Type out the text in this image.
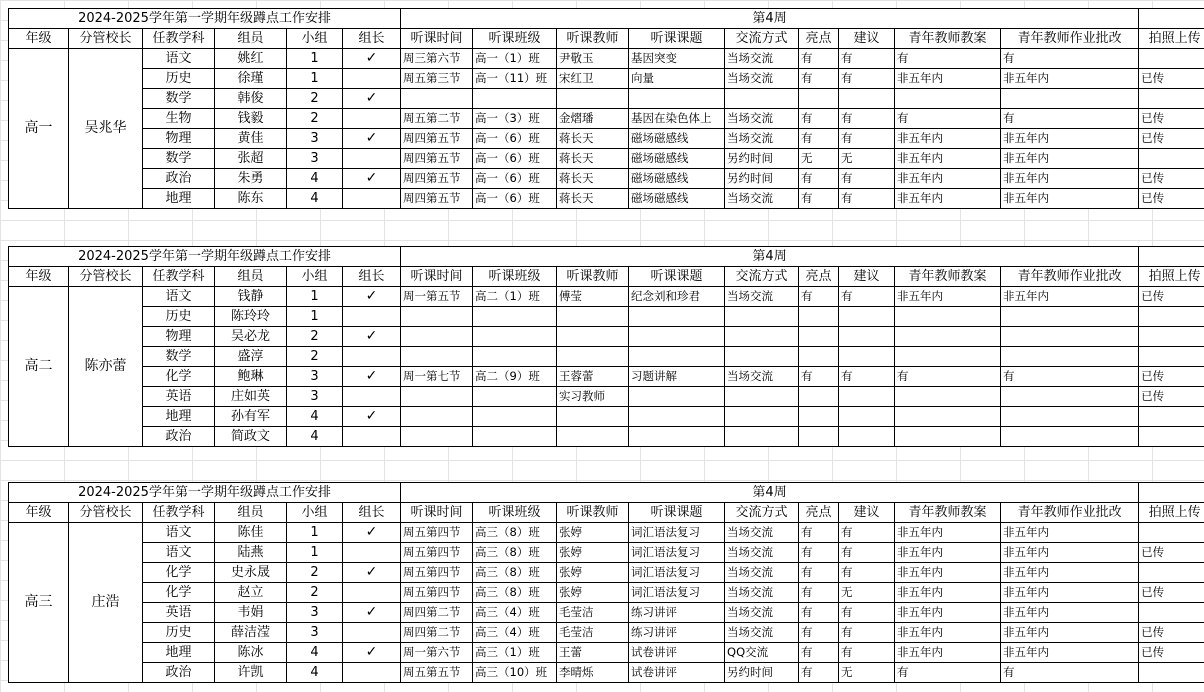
2024-2025学年第一学期年级蹲点工作安排						第4周									
年级	分管校长	任教学科	组员	小组	组长	听课时间	听课班级	听课教师	听课课题	交流方式	亮点	建议	青年教师教案	青年教师作业批改	拍照上传
高一	吴兆华	语文	姚红	1	✓	周三第六节	高一（1）班	尹敬玉	基因突变	当场交流	有	有	有	有	
		历史	徐瑾	1		周五第三节	高一（11）班	宋红卫	向量	当场交流	有	有	非五年内	非五年内	已传
		数学	韩俊	2	✓										
		生物	钱毅	2		周五第二节	高一（3）班	金熠璠	基因在染色体上	当场交流	有	有	有	有	已传
		物理	黄佳	3	✓	周四第五节	高一（6）班	蒋长天	磁场磁感线	当场交流	有	有	非五年内	非五年内	已传
		数学	张超	3		周四第五节	高一（6）班	蒋长天	磁场磁感线	另约时间	无	无	非五年内	非五年内	
		政治	朱勇	4	✓	周四第五节	高一（6）班	蒋长天	磁场磁感线	另约时间	有	有	非五年内	非五年内	已传
		地理	陈东	4		周四第五节	高一（6）班	蒋长天	磁场磁感线	当场交流	有	有	非五年内	非五年内	已传
2024-2025学年第一学期年级蹲点工作安排						第4周									
年级	分管校长	任教学科	组员	小组	组长	听课时间	听课班级	听课教师	听课课题	交流方式	亮点	建议	青年教师教案	青年教师作业批改	拍照上传
高二	陈亦蕾	语文	钱静	1	✓	周一第五节	高二（1）班	傅莹	纪念刘和珍君	当场交流	有	有	非五年内	非五年内	已传
		历史	陈玲玲	1											
		物理	吴必龙	2	✓										
		数学	盛淳	2											
		化学	鲍琳	3	✓	周一第七节	高二（9）班	王蓉蕾	习题讲解	当场交流	有	有	有	有	已传
		英语	庄如英	3				实习教师							已传
		地理	孙有军	4	✓										
		政治	简政文	4											
2024-2025学年第一学期年级蹲点工作安排						第4周									
年级	分管校长	任教学科	组员	小组	组长	听课时间	听课班级	听课教师	听课课题	交流方式	亮点	建议	青年教师教案	青年教师作业批改	拍照上传
高三	庄浩	语文	陈佳	1	✓	周五第四节	高三（8）班	张婷	词汇语法复习	当场交流	有	有	非五年内	非五年内	
		语文	陆燕	1		周五第四节	高三（8）班	张婷	词汇语法复习	当场交流	有	有	非五年内	非五年内	已传
		化学	史永晟	2	✓	周五第四节	高三（8）班	张婷	词汇语法复习	当场交流	有	有	非五年内	非五年内	
		化学	赵立	2		周五第四节	高三（8）班	张婷	词汇语法复习	当场交流	有	无	非五年内	非五年内	已传
		英语	韦娟	3	✓	周四第二节	高三（4）班	毛莹洁	练习讲评	当场交流	有	有	非五年内	非五年内	
		历史	薛洁滢	3		周四第二节	高三（4）班	毛莹洁	练习讲评	当场交流	有	有	非五年内	非五年内	已传
		地理	陈冰	4	✓	周一第六节	高三（1）班	王蕾	试卷讲评	QQ交流	有	有	非五年内	非五年内	已传
		政治	许凯	4		周五第五节	高三（10）班	李晴烁	试卷讲评	另约时间	有	无	有	有	
